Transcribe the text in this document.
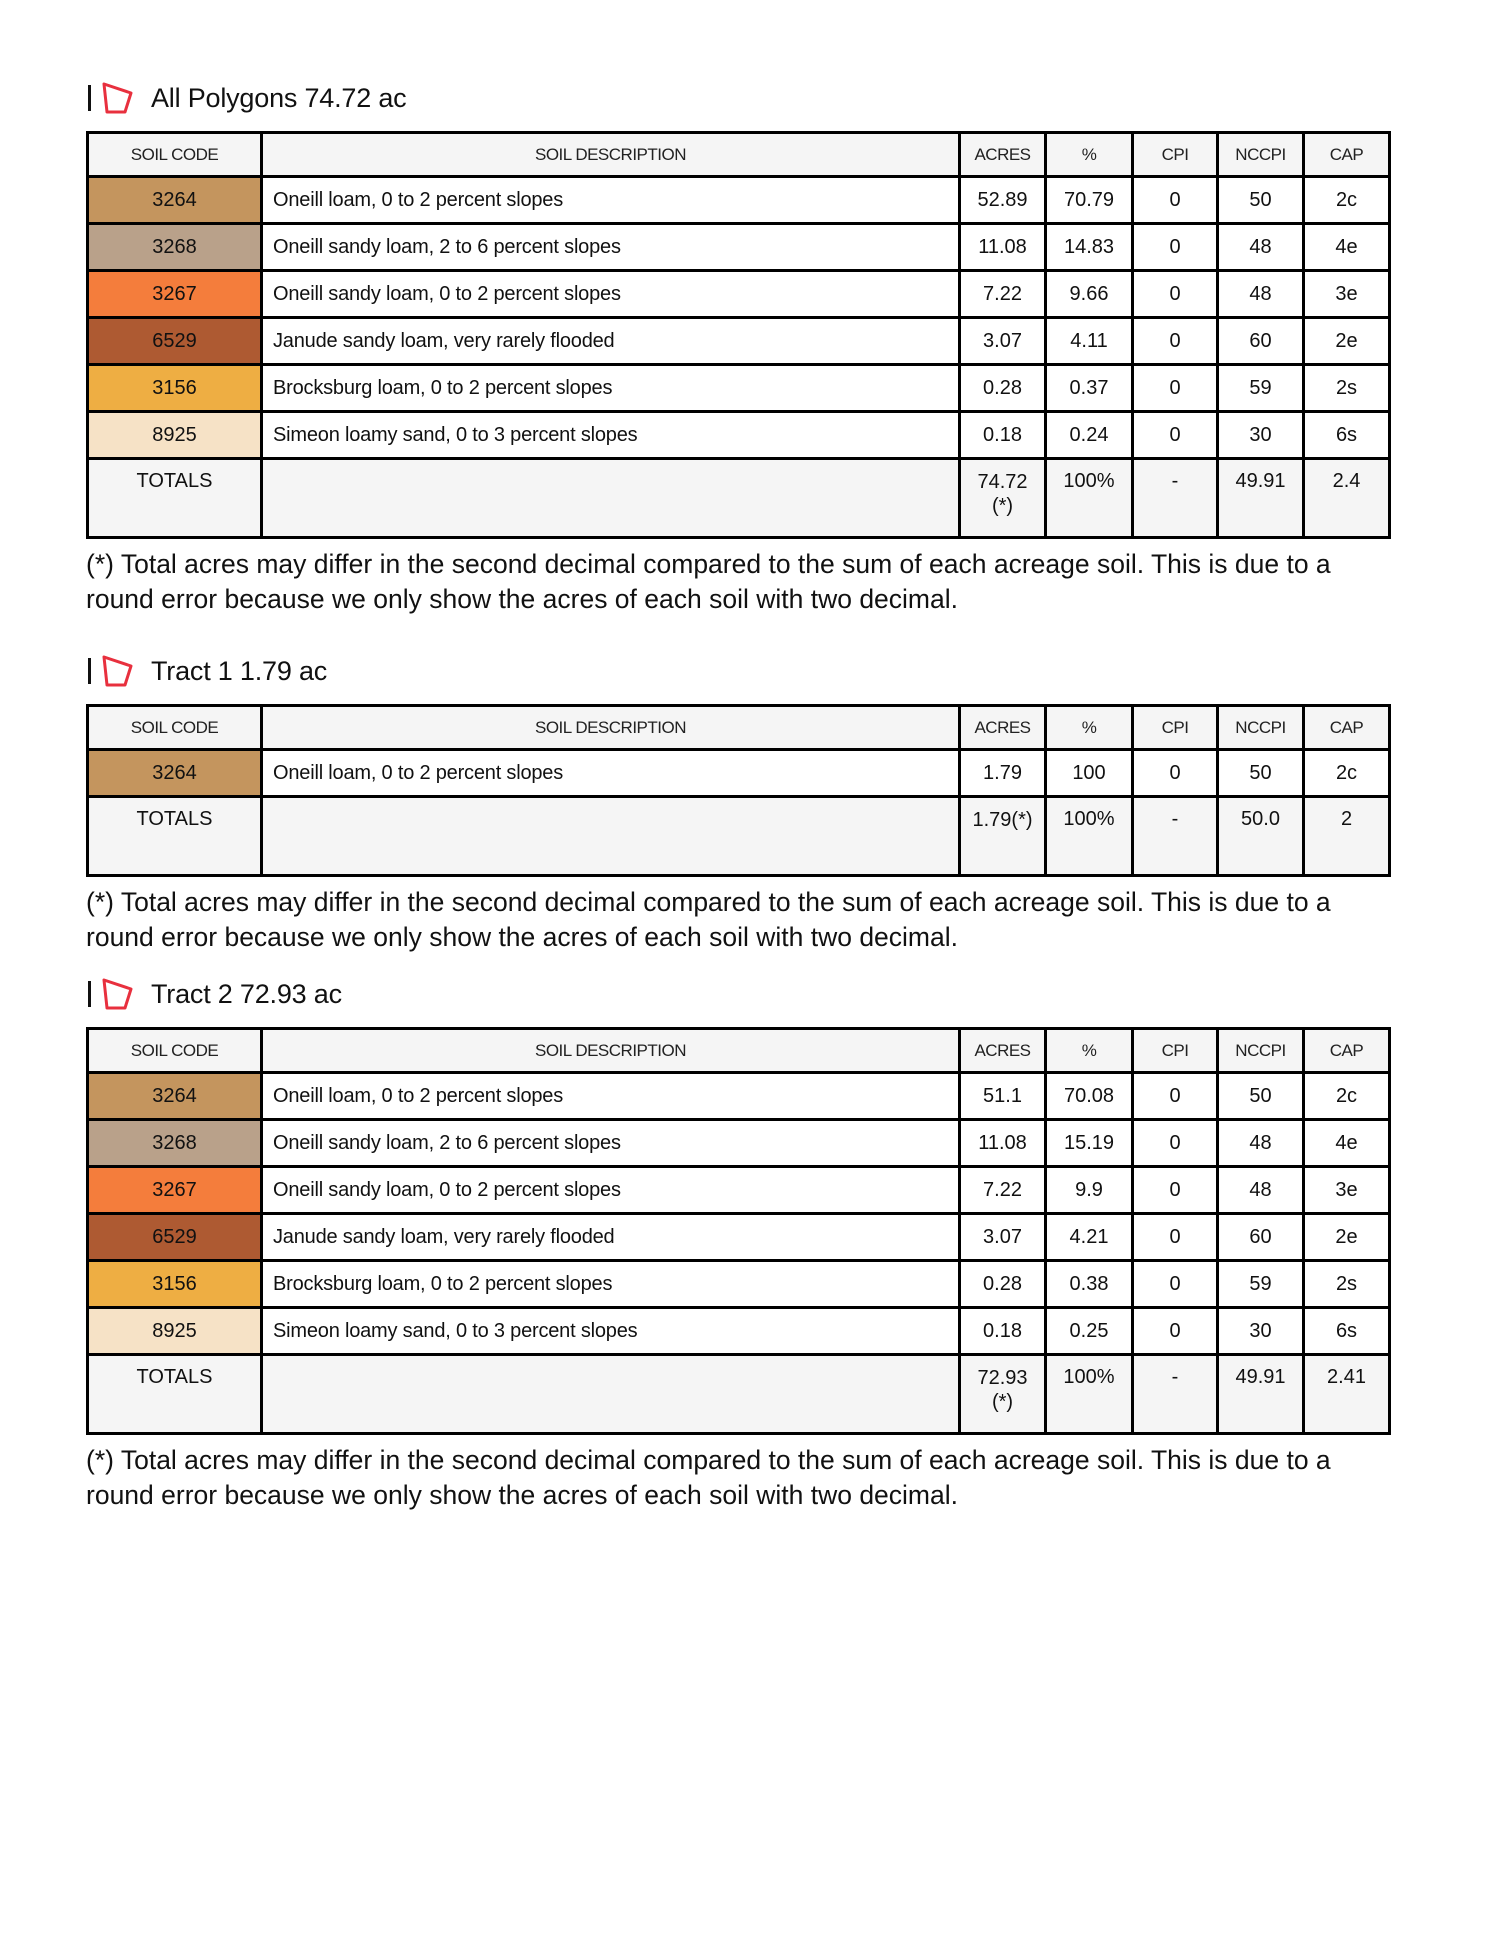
All Polygons 74.72 ac
SOIL CODE	SOIL DESCRIPTION	ACRES	%	CPI	NCCPI	CAP
3264	Oneill loam, 0 to 2 percent slopes	52.89	70.79	0	50	2c
3268	Oneill sandy loam, 2 to 6 percent slopes	11.08	14.83	0	48	4e
3267	Oneill sandy loam, 0 to 2 percent slopes	7.22	9.66	0	48	3e
6529	Janude sandy loam, very rarely flooded	3.07	4.11	0	60	2e
3156	Brocksburg loam, 0 to 2 percent slopes	0.28	0.37	0	59	2s
8925	Simeon loamy sand, 0 to 3 percent slopes	0.18	0.24	0	30	6s
TOTALS		74.72(*)	100%	-	49.91	2.4
(*) Total acres may differ in the second decimal compared to the sum of each acreage soil. This is due to a round error because we only show the acres of each soil with two decimal.
Tract 1 1.79 ac
SOIL CODE	SOIL DESCRIPTION	ACRES	%	CPI	NCCPI	CAP
3264	Oneill loam, 0 to 2 percent slopes	1.79	100	0	50	2c
TOTALS		1.79(*)	100%	-	50.0	2
(*) Total acres may differ in the second decimal compared to the sum of each acreage soil. This is due to a round error because we only show the acres of each soil with two decimal.
Tract 2 72.93 ac
SOIL CODE	SOIL DESCRIPTION	ACRES	%	CPI	NCCPI	CAP
3264	Oneill loam, 0 to 2 percent slopes	51.1	70.08	0	50	2c
3268	Oneill sandy loam, 2 to 6 percent slopes	11.08	15.19	0	48	4e
3267	Oneill sandy loam, 0 to 2 percent slopes	7.22	9.9	0	48	3e
6529	Janude sandy loam, very rarely flooded	3.07	4.21	0	60	2e
3156	Brocksburg loam, 0 to 2 percent slopes	0.28	0.38	0	59	2s
8925	Simeon loamy sand, 0 to 3 percent slopes	0.18	0.25	0	30	6s
TOTALS		72.93(*)	100%	-	49.91	2.41
(*) Total acres may differ in the second decimal compared to the sum of each acreage soil. This is due to a round error because we only show the acres of each soil with two decimal.
